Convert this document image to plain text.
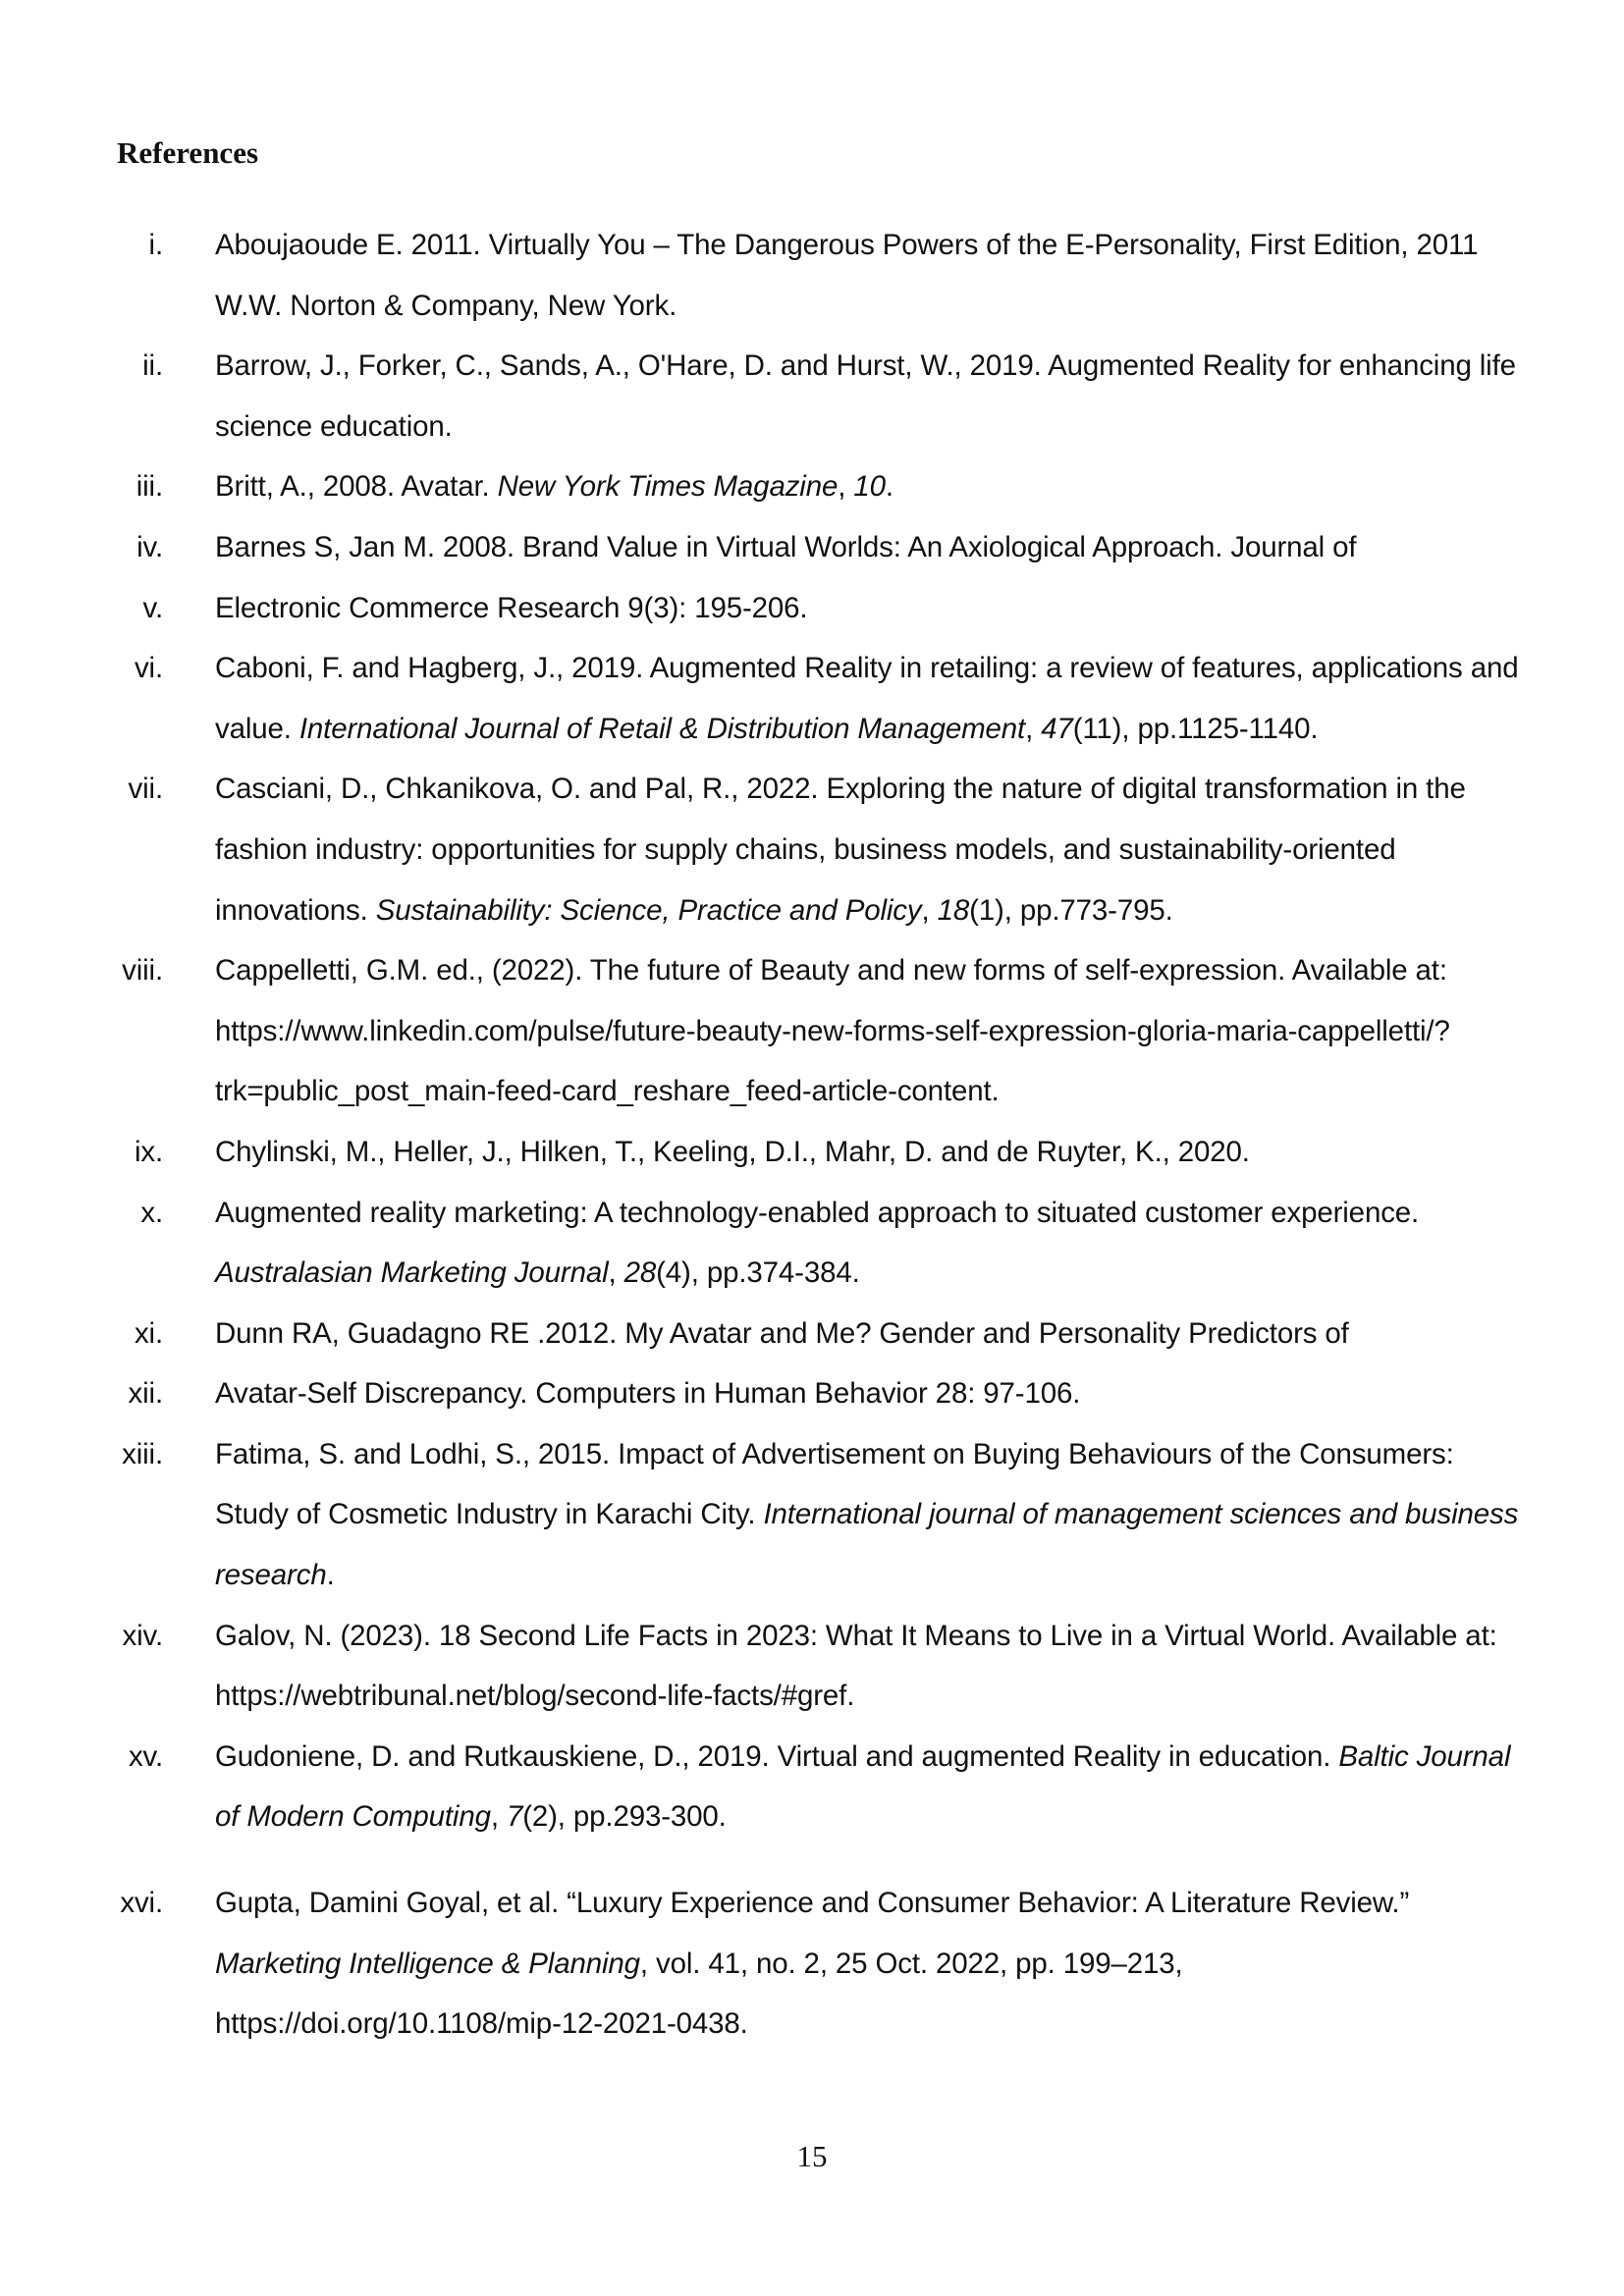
References
i. Aboujaoude E. 2011. Virtually You – The Dangerous Powers of the E-Personality, First Edition, 2011 W.W. Norton & Company, New York.
ii. Barrow, J., Forker, C., Sands, A., O'Hare, D. and Hurst, W., 2019. Augmented Reality for enhancing life science education.
iii. Britt, A., 2008. Avatar. New York Times Magazine, 10.
iv. Barnes S, Jan M. 2008. Brand Value in Virtual Worlds: An Axiological Approach. Journal of
v. Electronic Commerce Research 9(3): 195-206.
vi. Caboni, F. and Hagberg, J., 2019. Augmented Reality in retailing: a review of features, applications and value. International Journal of Retail & Distribution Management, 47(11), pp.1125-1140.
vii. Casciani, D., Chkanikova, O. and Pal, R., 2022. Exploring the nature of digital transformation in the fashion industry: opportunities for supply chains, business models, and sustainability-oriented innovations. Sustainability: Science, Practice and Policy, 18(1), pp.773-795.
viii. Cappelletti, G.M. ed., (2022). The future of Beauty and new forms of self-expression. Available at: https://www.linkedin.com/pulse/future-beauty-new-forms-self-expression-gloria-maria-cappelletti/?trk=public_post_main-feed-card_reshare_feed-article-content.
ix. Chylinski, M., Heller, J., Hilken, T., Keeling, D.I., Mahr, D. and de Ruyter, K., 2020.
x. Augmented reality marketing: A technology-enabled approach to situated customer experience. Australasian Marketing Journal, 28(4), pp.374-384.
xi. Dunn RA, Guadagno RE .2012. My Avatar and Me? Gender and Personality Predictors of
xii. Avatar-Self Discrepancy. Computers in Human Behavior 28: 97-106.
xiii. Fatima, S. and Lodhi, S., 2015. Impact of Advertisement on Buying Behaviours of the Consumers: Study of Cosmetic Industry in Karachi City. International journal of management sciences and business research.
xiv. Galov, N. (2023). 18 Second Life Facts in 2023: What It Means to Live in a Virtual World. Available at: https://webtribunal.net/blog/second-life-facts/#gref.
xv. Gudoniene, D. and Rutkauskiene, D., 2019. Virtual and augmented Reality in education. Baltic Journal of Modern Computing, 7(2), pp.293-300.
xvi. Gupta, Damini Goyal, et al. “Luxury Experience and Consumer Behavior: A Literature Review.” Marketing Intelligence & Planning, vol. 41, no. 2, 25 Oct. 2022, pp. 199–213, https://doi.org/10.1108/mip-12-2021-0438.
15
